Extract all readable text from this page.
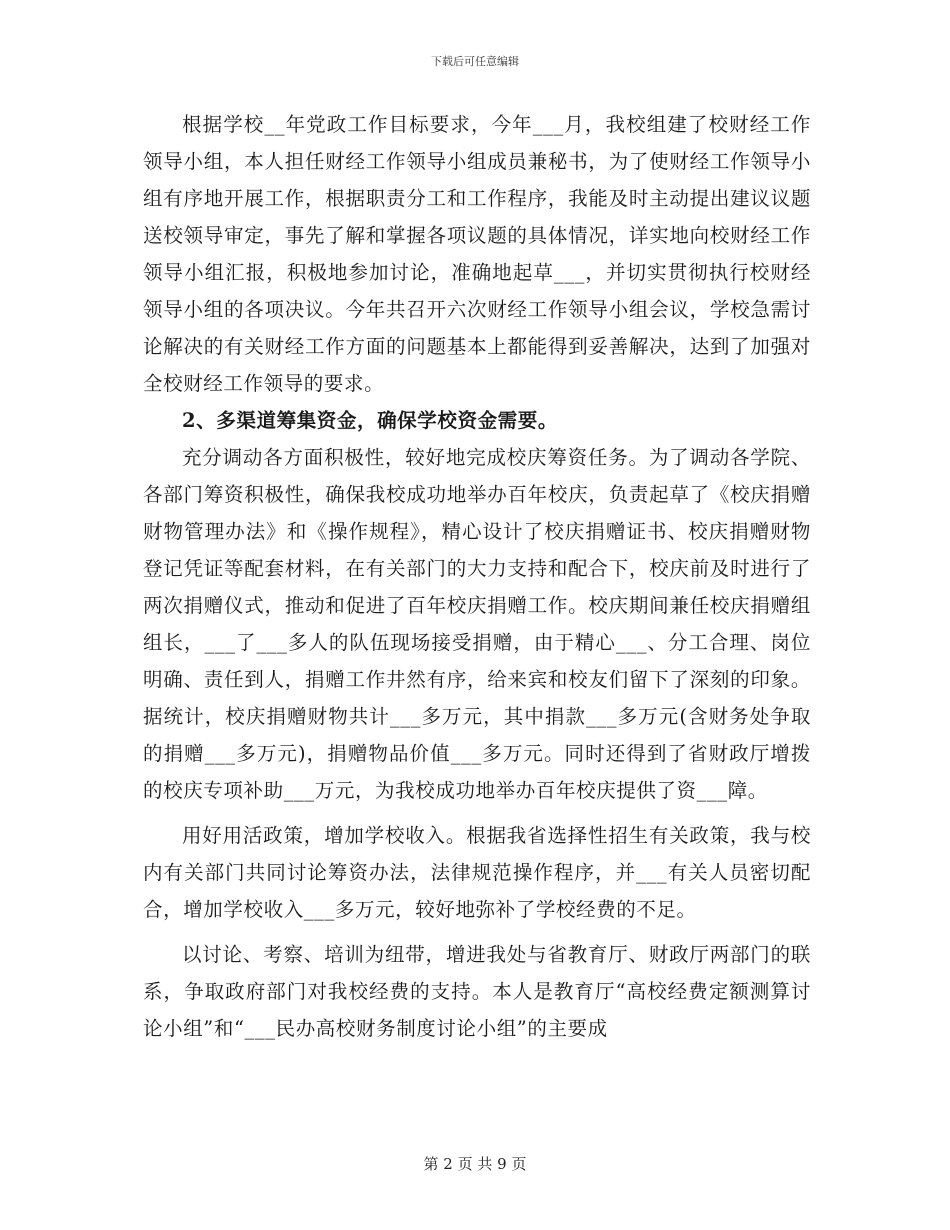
下载后可任意编辑

根据学校__年党政工作目标要求，今年___月，我校组建了校财经工作领导小组，本人担任财经工作领导小组成员兼秘书，为了使财经工作领导小组有序地开展工作，根据职责分工和工作程序，我能及时主动提出建议议题送校领导审定，事先了解和掌握各项议题的具体情况，详实地向校财经工作领导小组汇报，积极地参加讨论，准确地起草___，并切实贯彻执行校财经领导小组的各项决议。今年共召开六次财经工作领导小组会议，学校急需讨论解决的有关财经工作方面的问题基本上都能得到妥善解决，达到了加强对全校财经工作领导的要求。

2、多渠道筹集资金，确保学校资金需要。

充分调动各方面积极性，较好地完成校庆筹资任务。为了调动各学院、各部门筹资积极性，确保我校成功地举办百年校庆，负责起草了《校庆捐赠财物管理办法》和《操作规程》，精心设计了校庆捐赠证书、校庆捐赠财物登记凭证等配套材料，在有关部门的大力支持和配合下，校庆前及时进行了两次捐赠仪式，推动和促进了百年校庆捐赠工作。校庆期间兼任校庆捐赠组组长，___了___多人的队伍现场接受捐赠，由于精心___、分工合理、岗位明确、责任到人，捐赠工作井然有序，给来宾和校友们留下了深刻的印象。据统计，校庆捐赠财物共计___多万元，其中捐款___多万元(含财务处争取的捐赠___多万元)，捐赠物品价值___多万元。同时还得到了省财政厅增拨的校庆专项补助___万元，为我校成功地举办百年校庆提供了资___障。

用好用活政策，增加学校收入。根据我省选择性招生有关政策，我与校内有关部门共同讨论筹资办法，法律规范操作程序，并___有关人员密切配合，增加学校收入___多万元，较好地弥补了学校经费的不足。

以讨论、考察、培训为纽带，增进我处与省教育厅、财政厅两部门的联系，争取政府部门对我校经费的支持。本人是教育厅“高校经费定额测算讨论小组”和“___民办高校财务制度讨论小组”的主要成

第 2 页 共 9 页
